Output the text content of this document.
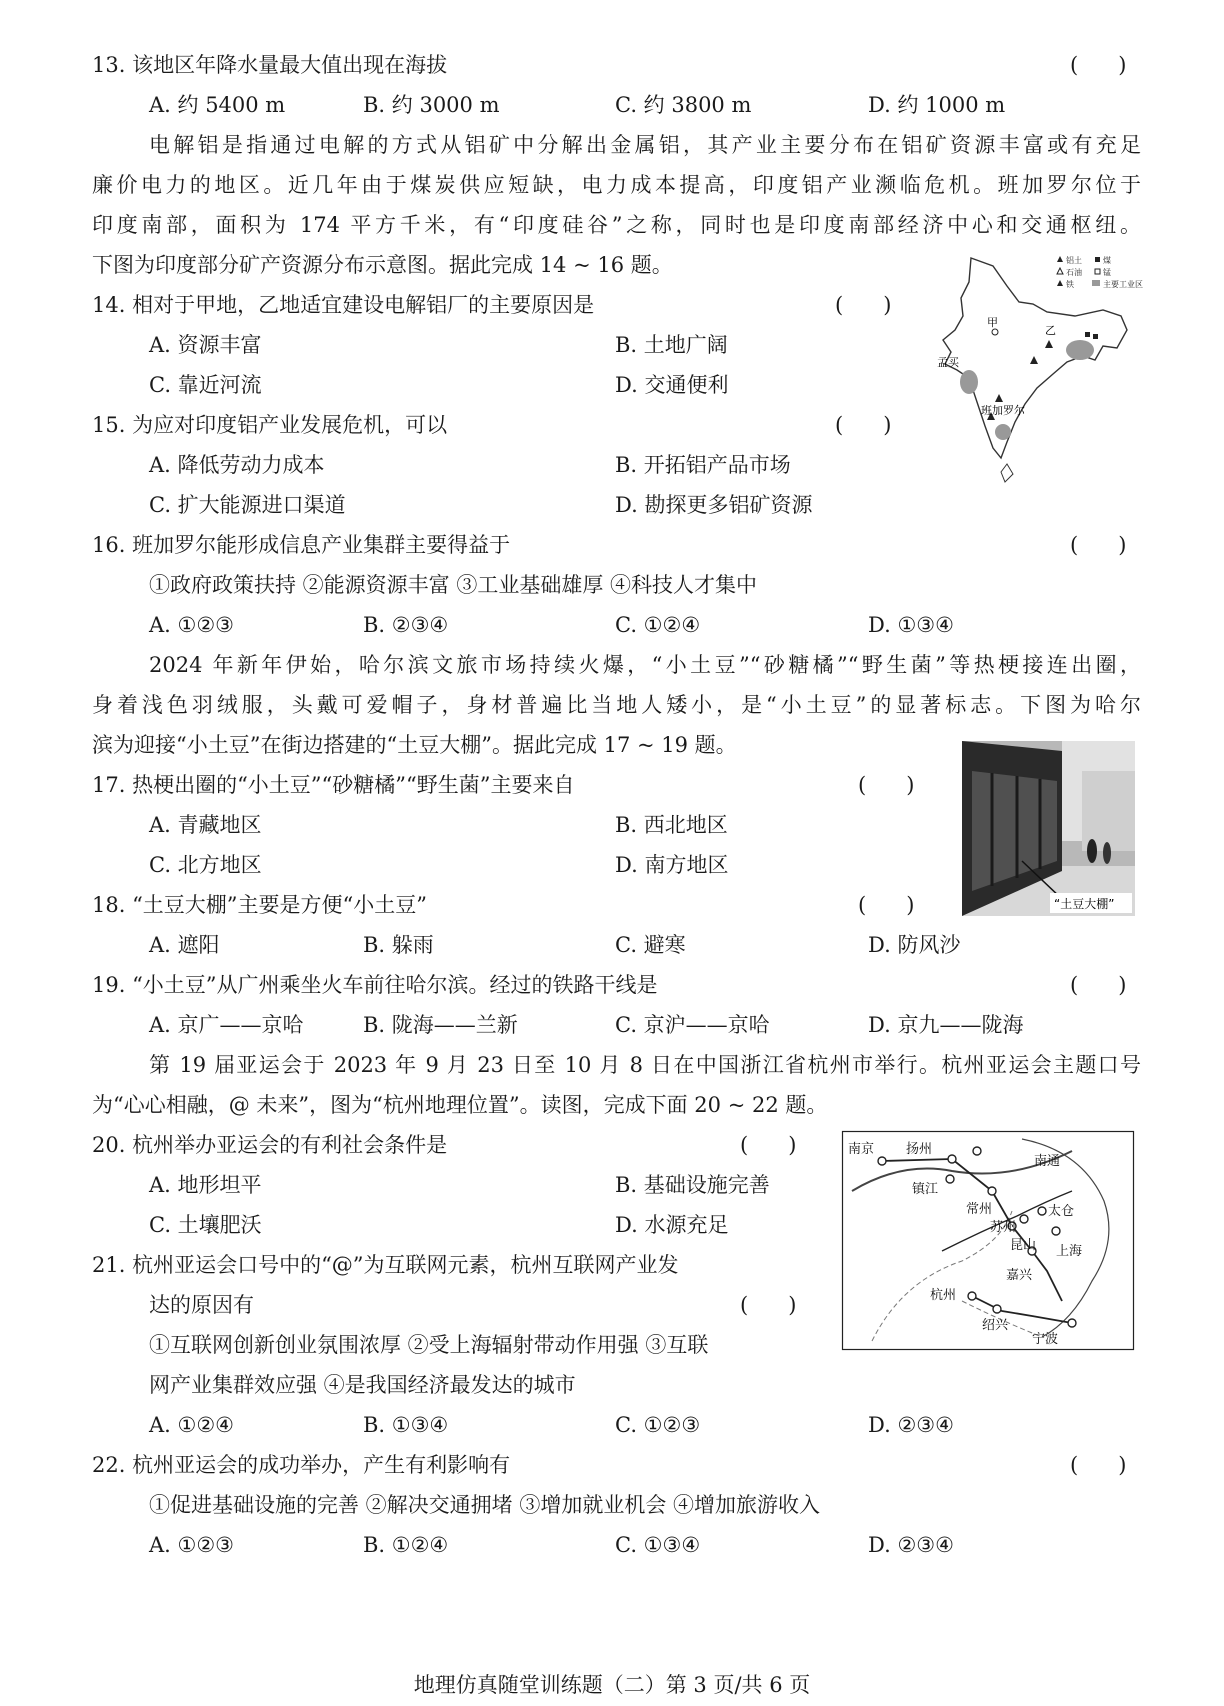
13. 该地区年降水量最大值出现在海拔	(      )
A. 约 5400 m	B. 约 3000 m	C. 约 3800 m	D. 约 1000 m
电解铝是指通过电解的方式从铝矿中分解出金属铝，其产业主要分布在铝矿资源丰富或有充足
廉价电力的地区。近几年由于煤炭供应短缺，电力成本提高，印度铝产业濒临危机。班加罗尔位于
印度南部，面积为 174 平方千米，有“印度硅谷”之称，同时也是印度南部经济中心和交通枢纽。
下图为印度部分矿产资源分布示意图。据此完成 14 ~ 16 题。
14. 相对于甲地，乙地适宜建设电解铝厂的主要原因是	(      )
A. 资源丰富	B. 土地广阔
C. 靠近河流	D. 交通便利
15. 为应对印度铝产业发展危机，可以	(      )
A. 降低劳动力成本	B. 开拓铝产品市场
C. 扩大能源进口渠道	D. 勘探更多铝矿资源
铝土	煤
石油	锰
铁	主要工业区
甲
孟买
乙
班加罗尔
16. 班加罗尔能形成信息产业集群主要得益于	(      )
①政府政策扶持 ②能源资源丰富 ③工业基础雄厚 ④科技人才集中
A. ①②③	B. ②③④	C. ①②④	D. ①③④
2024 年新年伊始，哈尔滨文旅市场持续火爆，“小土豆”“砂糖橘”“野生菌”等热梗接连出圈，
身着浅色羽绒服，头戴可爱帽子，身材普遍比当地人矮小，是“小土豆”的显著标志。下图为哈尔
滨为迎接“小土豆”在街边搭建的“土豆大棚”。据此完成 17 ~ 19 题。
“土豆大棚”
17. 热梗出圈的“小土豆”“砂糖橘”“野生菌”主要来自	(      )
A. 青藏地区	B. 西北地区
C. 北方地区	D. 南方地区
18. “土豆大棚”主要是方便“小土豆”	(      )
A. 遮阳	B. 躲雨	C. 避寒	D. 防风沙
19. “小土豆”从广州乘坐火车前往哈尔滨。经过的铁路干线是	(      )
A. 京广——京哈	B. 陇海——兰新	C. 京沪——京哈	D. 京九——陇海
第 19 届亚运会于 2023 年 9 月 23 日至 10 月 8 日在中国浙江省杭州市举行。杭州亚运会主题口号
为“心心相融，@ 未来”，图为“杭州地理位置”。读图，完成下面 20 ~ 22 题。
南京 扬州
镇江
南通
常州
苏州
太仓
昆山 上海
嘉兴
杭州
绍兴
宁波
20. 杭州举办亚运会的有利社会条件是	(      )
A. 地形坦平	B. 基础设施完善
C. 土壤肥沃	D. 水源充足
21. 杭州亚运会口号中的“@”为互联网元素，杭州互联网产业发
达的原因有	(      )
①互联网创新创业氛围浓厚 ②受上海辐射带动作用强 ③互联
网产业集群效应强 ④是我国经济最发达的城市
A. ①②④	B. ①③④	C. ①②③	D. ②③④
22. 杭州亚运会的成功举办，产生有利影响有	(      )
①促进基础设施的完善 ②解决交通拥堵 ③增加就业机会 ④增加旅游收入
A. ①②③	B. ①②④	C. ①③④	D. ②③④
地理仿真随堂训练题（二）第 3 页/共 6 页
